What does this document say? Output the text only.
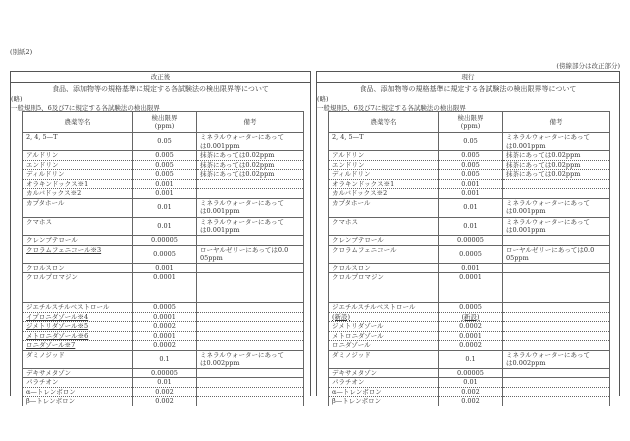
(別紙2)
(傍線部分は改正部分)
改正後
食品、添加物等の規格基準に規定する各試験法の検出限界等について
(略)
一般規則5、6及び7に規定する各試験法の検出限界
農薬等名	検出限界
(ppm)	備考
2, 4, 5—T	0.05	ミネラルウォーターにあって
は0.001ppm

アルドリン	0.005	抹茶にあっては0.02ppm

エンドリン	0.005	抹茶にあっては0.02ppm

ディルドリン	0.005	抹茶にあっては0.02ppm

オラキンドックス※1	0.001	

カルバドックス※2	0.001	

カプタホール	0.01	ミネラルウォーターにあって
は0.001ppm

クマホス	0.01	ミネラルウォーターにあって
は0.001ppm

クレンブテロール	0.00005	

クロラムフェニコール※3	0.0005	ローヤルゼリーにあっては0.0
05ppm

クロルスロン	0.001	

クロルプロマジン	0.0001	

ジエチルスチルベストロール	0.0005	

イプロニダゾール※4	0.0001	

ジメトリダゾール※5	0.0002	

メトロニダゾール※6	0.0001	

ロニダゾール※7	0.0002	

ダミノジッド	0.1	ミネラルウォーターにあって
は0.002ppm

デキサメタゾン	0.00005	

パラチオン	0.01	

α—トレンボロン	0.002	

β—トレンボロン	0.002	
現行
食品、添加物等の規格基準に規定する各試験法の検出限界等について
(略)
一般規則5、6及び7に規定する各試験法の検出限界
農薬等名	検出限界
(ppm)	備考
2, 4, 5—T	0.05	ミネラルウォーターにあって
は0.001ppm

アルドリン	0.005	抹茶にあっては0.02ppm

エンドリン	0.005	抹茶にあっては0.02ppm

ディルドリン	0.005	抹茶にあっては0.02ppm

オラキンドックス※1	0.001	

カルバドックス※2	0.001	

カプタホール	0.01	ミネラルウォーターにあって
は0.001ppm

クマホス	0.01	ミネラルウォーターにあって
は0.001ppm

クレンブテロール	0.00005	

クロラムフェニコール	0.0005	ローヤルゼリーにあっては0.0
05ppm

クロルスロン	0.001	

クロルプロマジン	0.0001	

ジエチルスチルベストロール	0.0005	

(新設)	(新設)	

ジメトリダゾール	0.0002	

メトロニダゾール	0.0001	

ロニダゾール	0.0002	

ダミノジッド	0.1	ミネラルウォーターにあって
は0.002ppm

デキサメタゾン	0.00005	

パラチオン	0.01	

α—トレンボロン	0.002	

β—トレンボロン	0.002	
